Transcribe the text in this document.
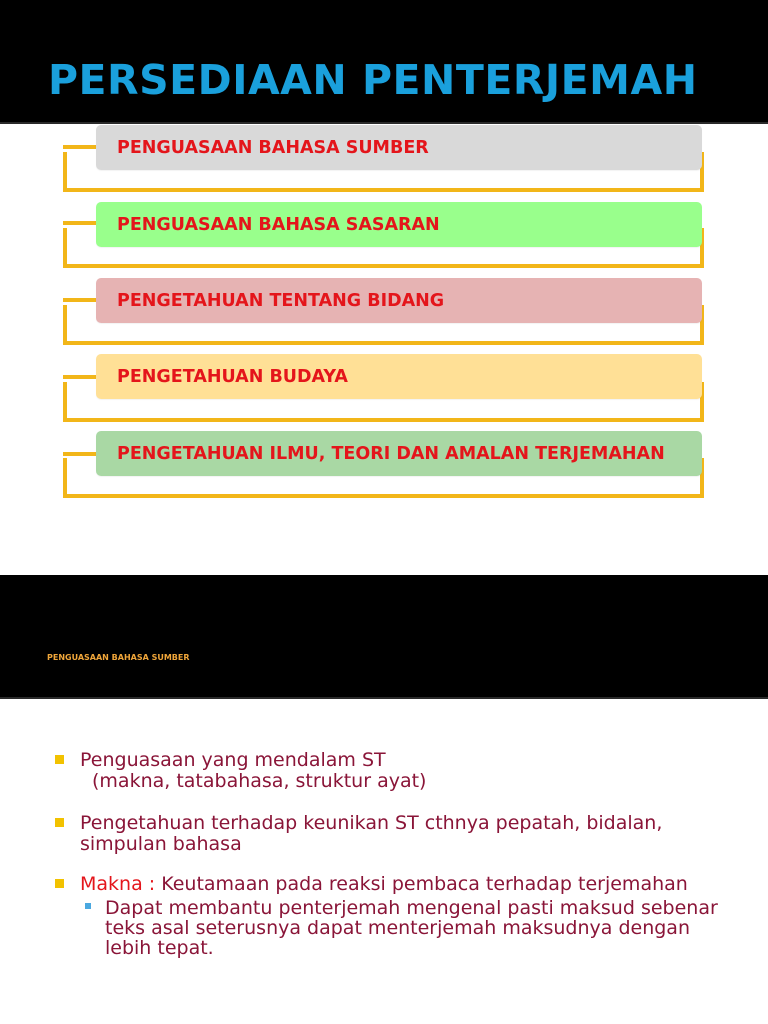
PERSEDIAAN PENTERJEMAH
PENGUASAAN BAHASA SUMBER
PENGUASAAN BAHASA SASARAN
PENGETAHUAN TENTANG BIDANG
PENGETAHUAN BUDAYA
PENGETAHUAN ILMU, TEORI DAN AMALAN TERJEMAHAN
PENGUASAAN BAHASA SUMBER
Penguasaan yang mendalam ST
(makna, tatabahasa, struktur ayat)
Pengetahuan terhadap keunikan ST cthnya pepatah, bidalan,
simpulan bahasa
Makna : Keutamaan pada reaksi pembaca terhadap terjemahan
Dapat membantu penterjemah mengenal pasti maksud sebenar
teks asal seterusnya dapat menterjemah maksudnya dengan
lebih tepat.
